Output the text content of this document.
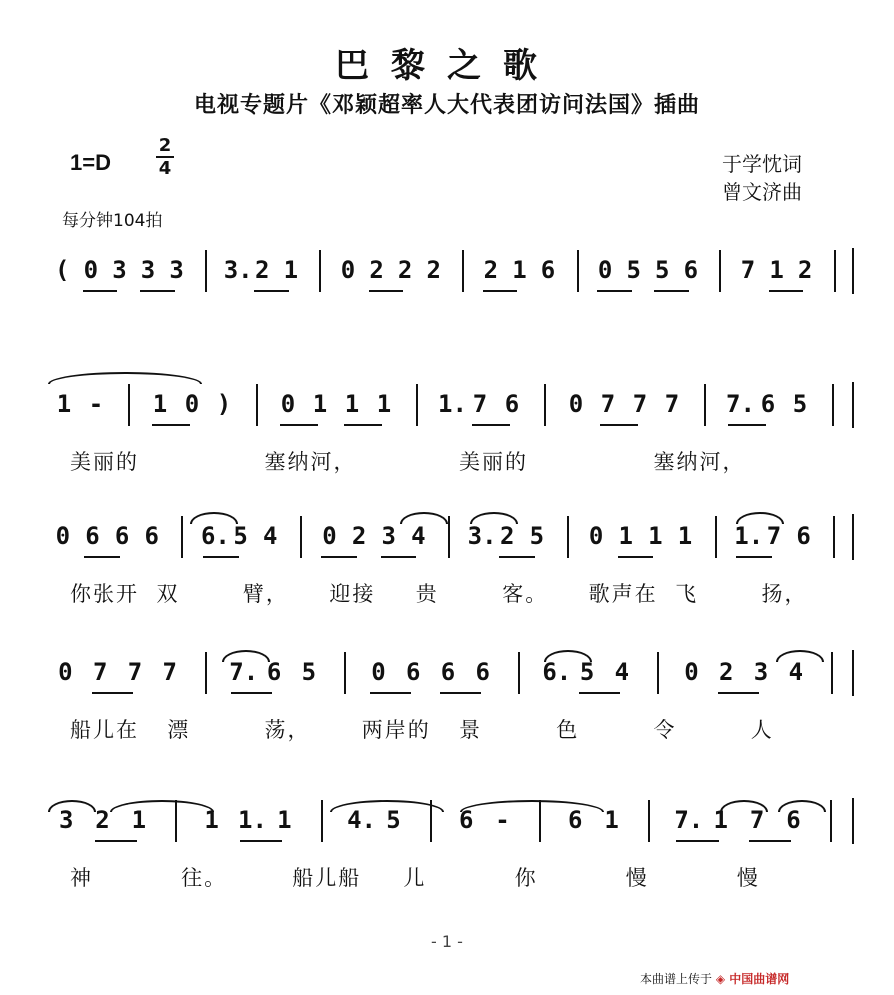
巴黎之歌
电视专题片《邓颖超率人大代表团访问法国》插曲
1=D
2
4
每分钟104拍
于学忱词
曾文济曲
( 0 3 3 3 3. 2 1 0 2 2 2 2 1 6 0 5 5 6 7 1 2
1 - 1 0 ) 0 1 1 1 1. 7 6 0 7 7 7 7. 6 5
美丽的	塞纳河，	美丽的	塞纳河，
0 6 6 6 6. 5 4 0 2 3 4 3. 2 5 0 1 1 1 1. 7 6
你张开 双	臂， 迎接 贵	客。 歌声在 飞	扬，
0 7 7 7 7. 6 5 0 6 6 6 6. 5 4 0 2 3 4
船儿在 漂	荡， 两岸的 景	色	令	人
3 2 1 1 1. 1 4. 5 6 - 6 1 7. 1 7 6
神	往。	船儿船 儿	你	慢	慢
- 1 -
本曲谱上传于 ◈ 中国曲谱网
